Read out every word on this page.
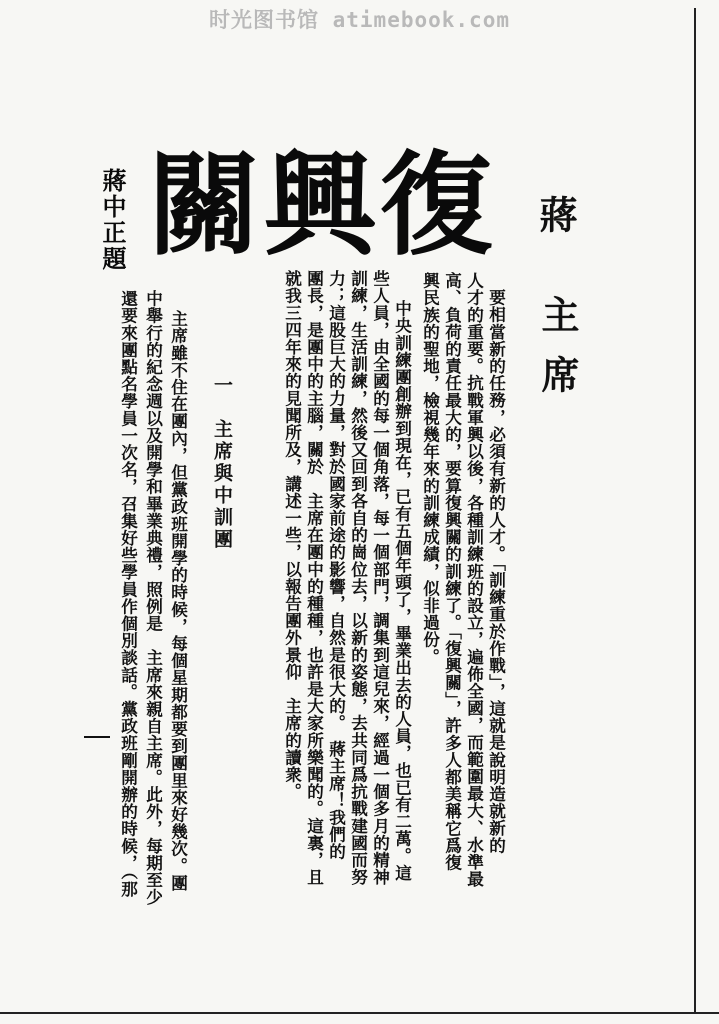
时光图书馆 atimebook.com
復興關
蔣中正題	蔣
主席
要相當新的任務，必須有新的人才。「訓練重於作戰」，這就是說明造就新的
人才的重要。抗戰軍興以後，各種訓練班的設立，遍佈全國，而範圍最大、水準最
高、負荷的責任最大的，要算復興關的訓練了。「復興關」，許多人都美稱它爲復
興民族的聖地，檢視幾年來的訓練成績，似非過份。
中央訓練團創辦到現在，已有五個年頭了，畢業出去的人員，也已有二萬。這
些人員，由全國的每一個角落，每一個部門，調集到這兒來，經過一個多月的精神
訓練，生活訓練，然後又回到各自的崗位去，以新的姿態，去共同爲抗戰建國而努
力；這股巨大的力量，對於國家前途的影響，自然是很大的。　蔣主席！我們的
團長，是團中的主腦，關於　主席在團中的種種，也許是大家所樂聞的。這裏，且
就我三四年來的見聞所及，講述一些，以報告團外景仰　主席的讀衆。
一　主席與中訓團
主席雖不住在團內，但黨政班開學的時候，每個星期都要到團里來好幾次。團
中舉行的紀念週以及開學和畢業典禮，照例是　主席來親自主席。此外，每期至少
還要來團點名學員一次名，召集好些學員作個別談話。黨政班剛開辦的時候，（那
